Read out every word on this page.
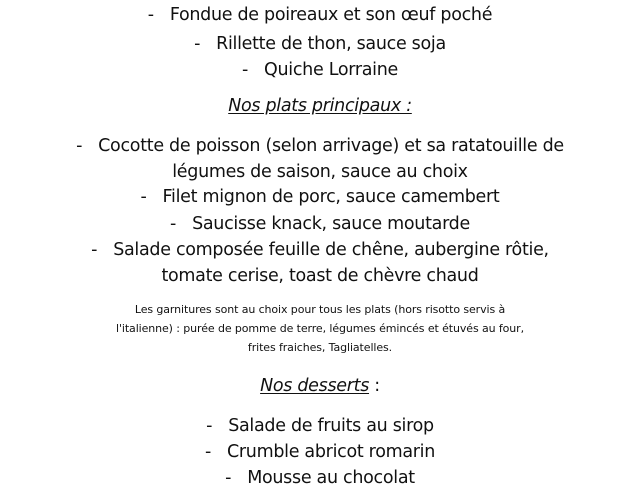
- Fondue de poireaux et son œuf poché
- Rillette de thon, sauce soja
- Quiche Lorraine
Nos plats principaux :
- Cocotte de poisson (selon arrivage) et sa ratatouille de
légumes de saison, sauce au choix
- Filet mignon de porc, sauce camembert
- Saucisse knack, sauce moutarde
- Salade composée feuille de chêne, aubergine rôtie,
tomate cerise, toast de chèvre chaud
Les garnitures sont au choix pour tous les plats (hors risotto servis à
l'italienne) : purée de pomme de terre, légumes émincés et étuvés au four,
frites fraiches, Tagliatelles.
Nos desserts :
- Salade de fruits au sirop
- Crumble abricot romarin
- Mousse au chocolat
